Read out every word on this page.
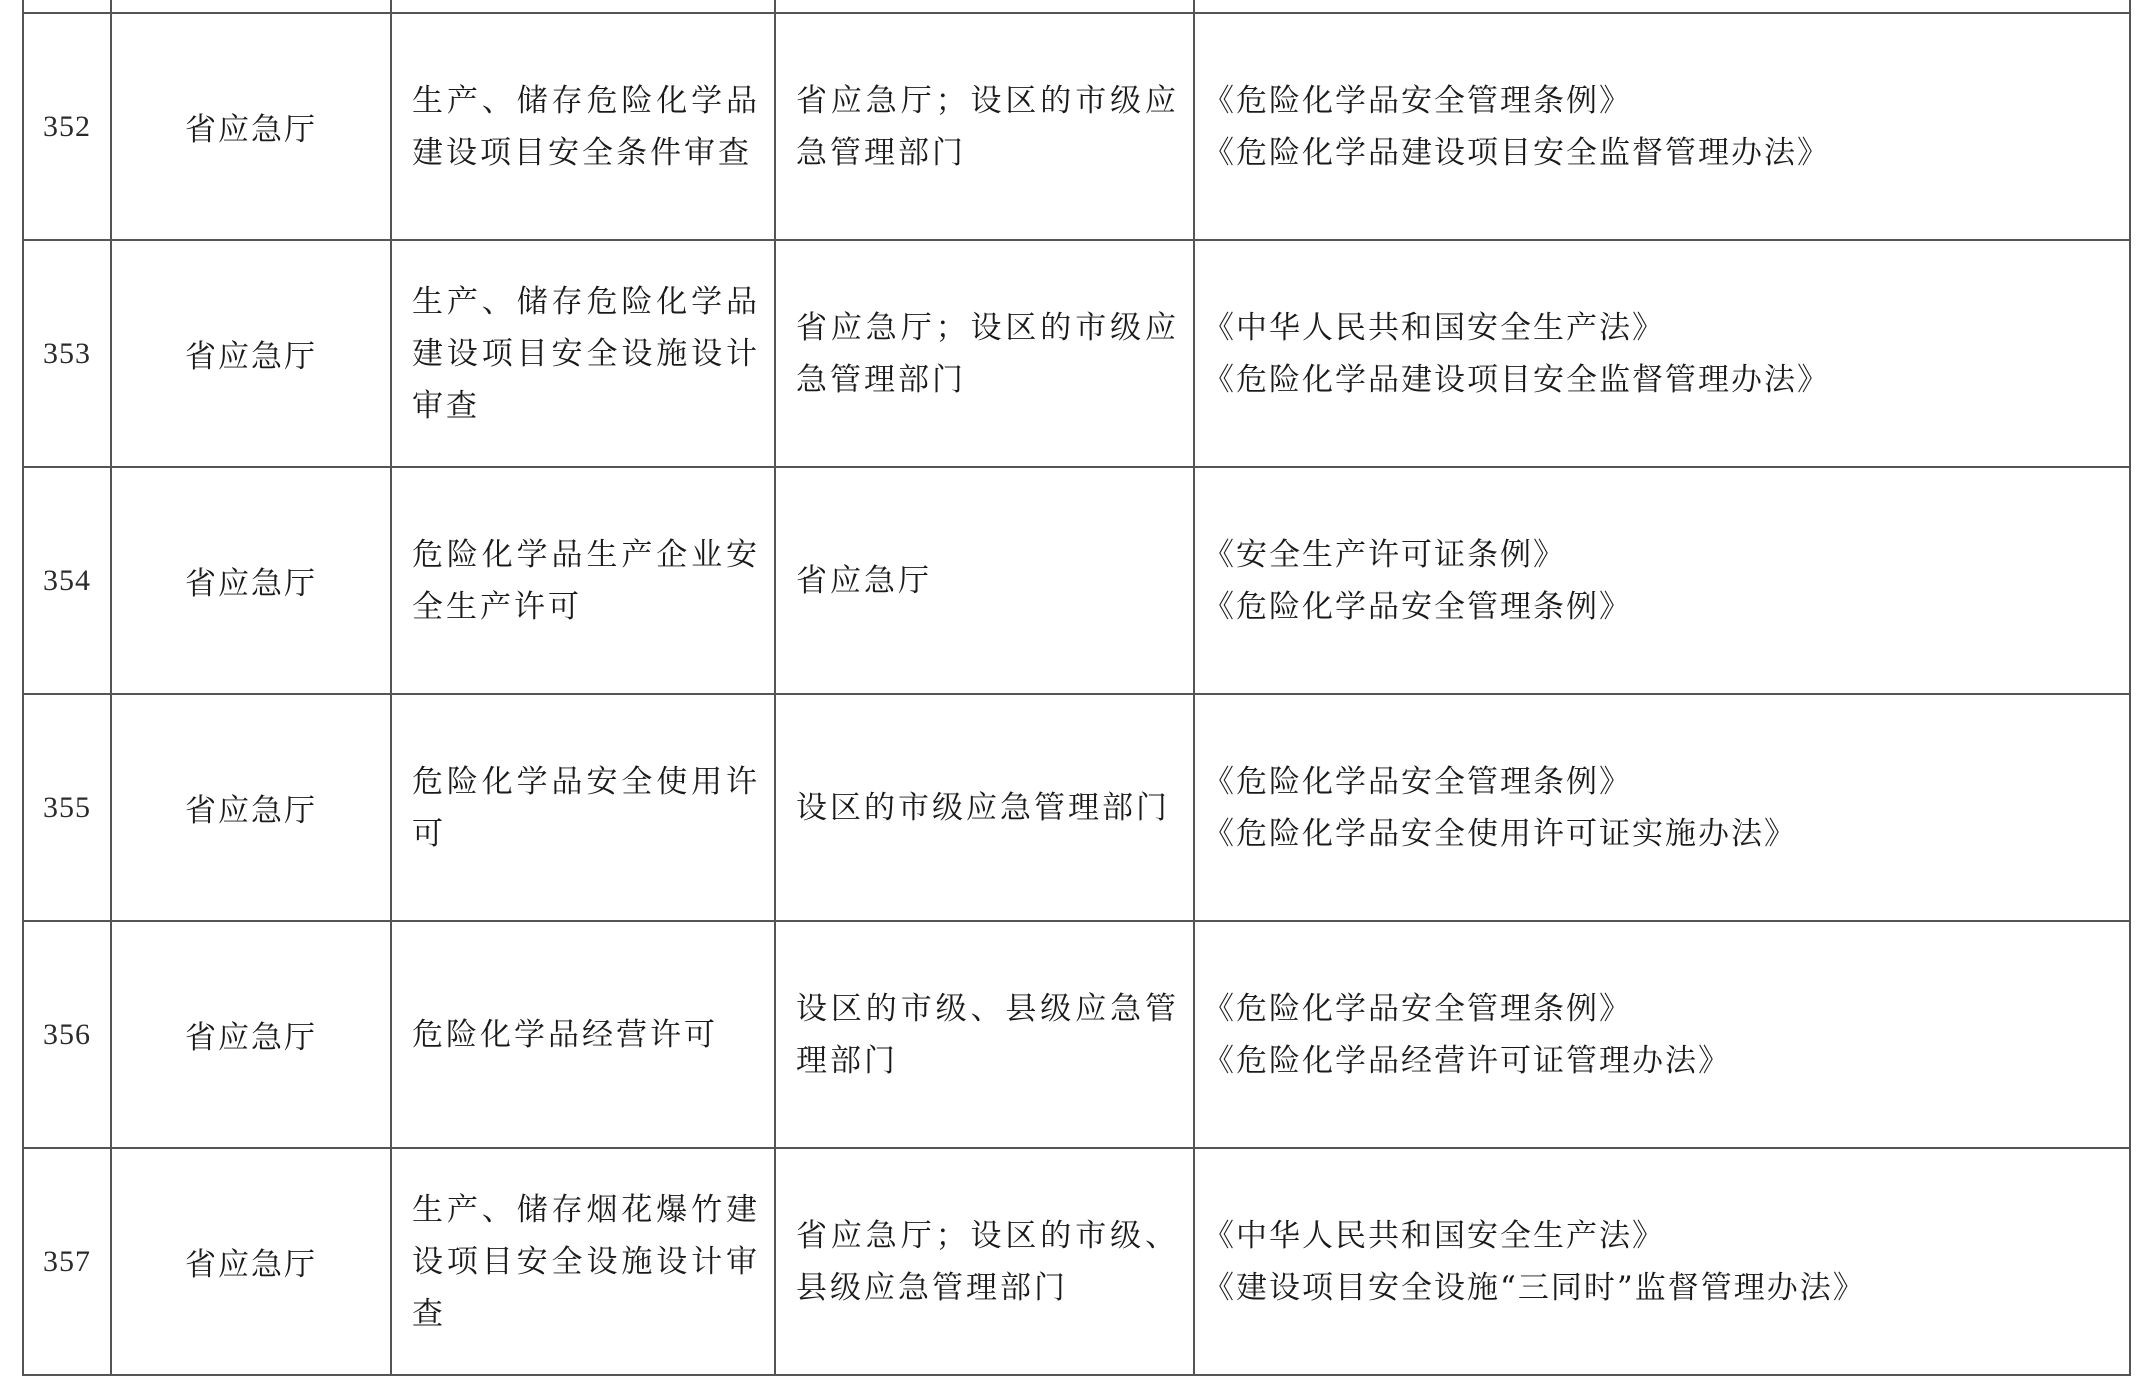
352	省应急厅	生产、储存危险化学品建设项目安全条件审查	省应急厅；设区的市级应急管理部门	《危险化学品安全管理条例》
《危险化学品建设项目安全监督管理办法》

353	省应急厅	生产、储存危险化学品建设项目安全设施设计审查	省应急厅；设区的市级应急管理部门	《中华人民共和国安全生产法》
《危险化学品建设项目安全监督管理办法》

354	省应急厅	危险化学品生产企业安全生产许可	省应急厅	《安全生产许可证条例》
《危险化学品安全管理条例》

355	省应急厅	危险化学品安全使用许可	设区的市级应急管理部门	《危险化学品安全管理条例》
《危险化学品安全使用许可证实施办法》

356	省应急厅	危险化学品经营许可	设区的市级、县级应急管理部门	《危险化学品安全管理条例》
《危险化学品经营许可证管理办法》

357	省应急厅	生产、储存烟花爆竹建设项目安全设施设计审查	省应急厅；设区的市级、县级应急管理部门	《中华人民共和国安全生产法》
《建设项目安全设施“三同时”监督管理办法》
